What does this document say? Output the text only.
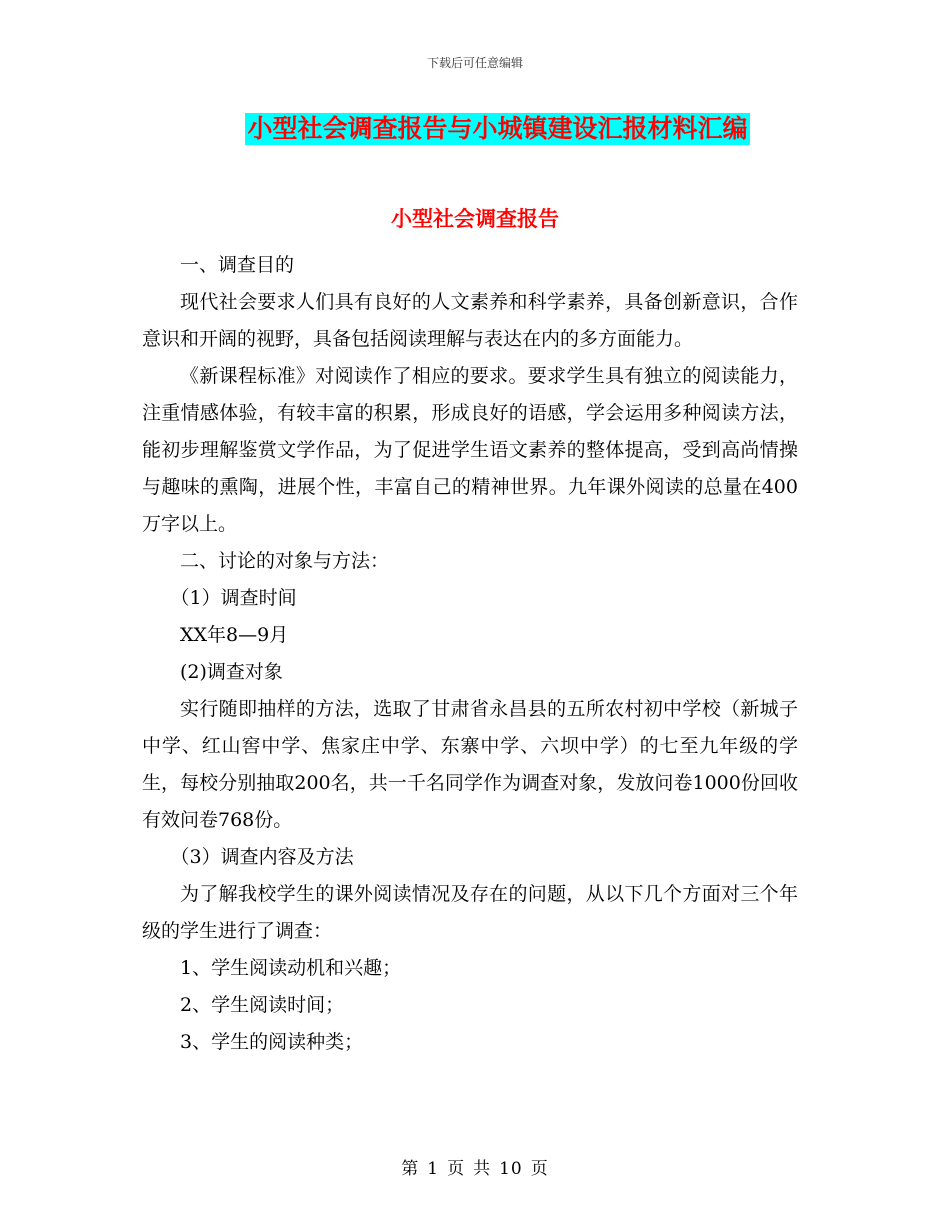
下载后可任意编辑
小型社会调查报告与小城镇建设汇报材料汇编
小型社会调查报告

一、调查目的

现代社会要求人们具有良好的人文素养和科学素养，具备创新意识，合作意识和开阔的视野，具备包括阅读理解与表达在内的多方面能力。

《新课程标准》对阅读作了相应的要求。要求学生具有独立的阅读能力，注重情感体验，有较丰富的积累，形成良好的语感，学会运用多种阅读方法，能初步理解鉴赏文学作品，为了促进学生语文素养的整体提高，受到高尚情操与趣味的熏陶，进展个性，丰富自己的精神世界。九年课外阅读的总量在400万字以上。

二、讨论的对象与方法：

（1）调查时间

XX年8—9月

(2)调查对象

实行随即抽样的方法，选取了甘肃省永昌县的五所农村初中学校（新城子中学、红山窖中学、焦家庄中学、东寨中学、六坝中学）的七至九年级的学生，每校分别抽取200名，共一千名同学作为调查对象，发放问卷1000份回收有效问卷768份。

（3）调查内容及方法

为了解我校学生的课外阅读情况及存在的问题，从以下几个方面对三个年级的学生进行了调查：

1、学生阅读动机和兴趣；

2、学生阅读时间；

3、学生的阅读种类；

第 1 页 共 10 页
